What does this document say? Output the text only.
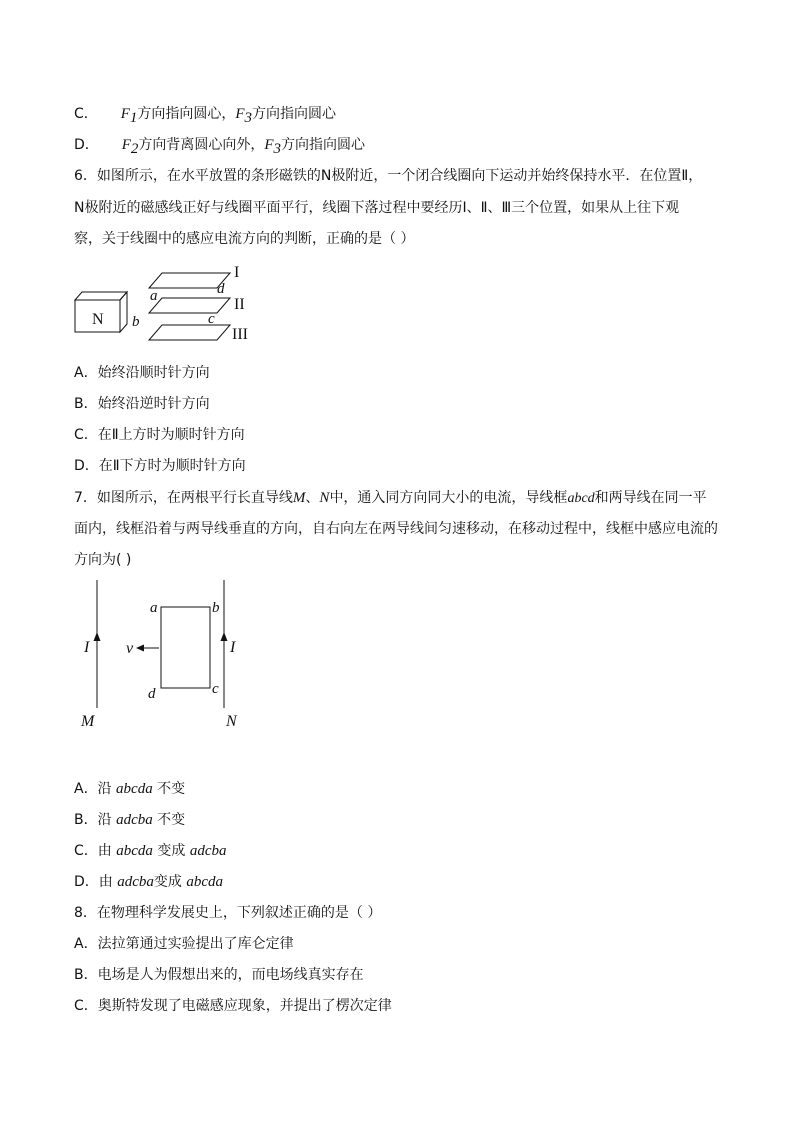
C． $F_1$方向指向圆心，$F_3$方向指向圆心
D． $F_2$方向背离圆心向外，$F_3$方向指向圆心
6．如图所示，在水平放置的条形磁铁的N极附近，一个闭合线圈向下运动并始终保持水平．在位置Ⅱ，
N极附近的磁感线正好与线圈平面平行，线圈下落过程中要经历Ⅰ、Ⅱ、Ⅲ三个位置，如果从上往下观
察，关于线圈中的感应电流方向的判断，正确的是（ ）
N
a
b	c
d
I
II
III
A．始终沿顺时针方向
B．始终沿逆时针方向
C．在Ⅱ上方时为顺时针方向
D．在Ⅱ下方时为顺时针方向
7．如图所示，在两根平行长直导线M、N中，通入同方向同大小的电流，导线框abcd和两导线在同一平
面内，线框沿着与两导线垂直的方向，自右向左在两导线间匀速移动，在移动过程中，线框中感应电流的
方向为( )
I	I
M	N
v
a	b
c
d
A．沿 abcda 不变
B．沿 adcba 不变
C．由 abcda 变成 adcba
D．由 adcba变成 abcda
8．在物理科学发展史上，下列叙述正确的是（ ）
A．法拉第通过实验提出了库仑定律
B．电场是人为假想出来的，而电场线真实存在
C．奥斯特发现了电磁感应现象，并提出了楞次定律
